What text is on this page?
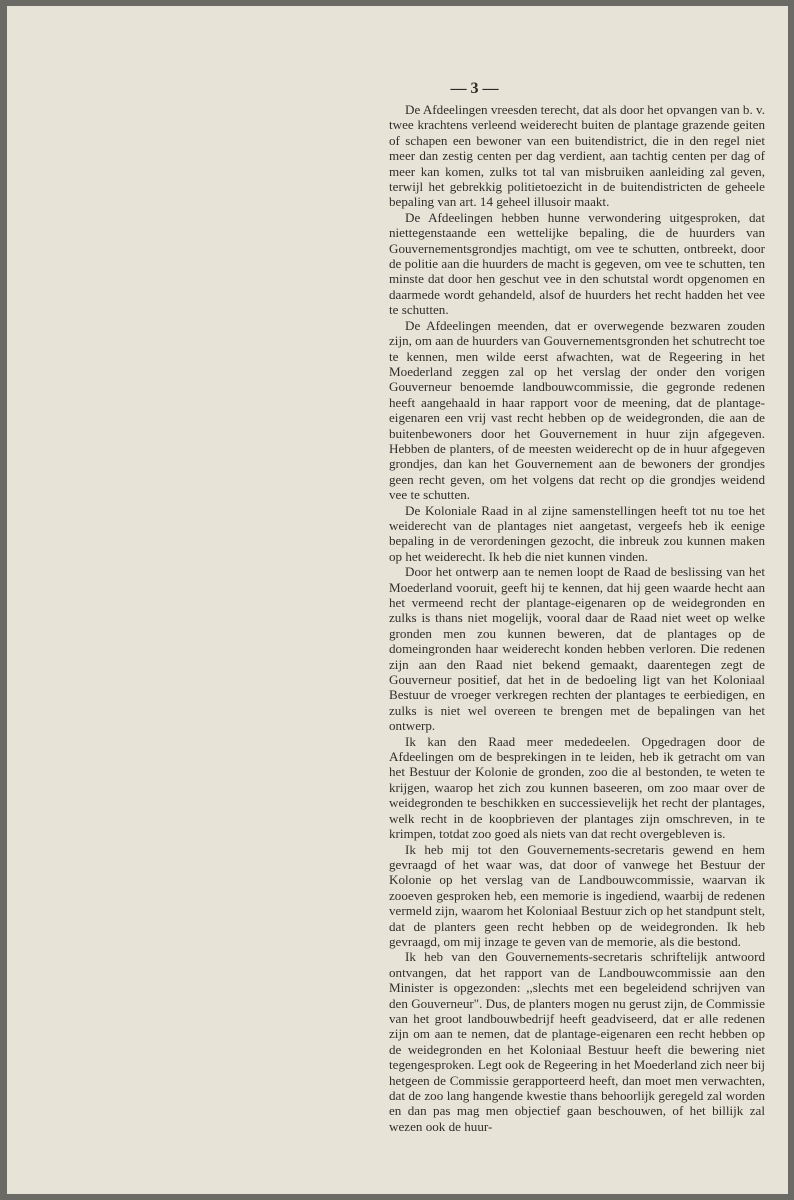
— 3 —

De Afdeelingen vreesden terecht, dat als door het opvangen van b. v. twee krachtens verleend weiderecht buiten de plantage grazende geiten of schapen een bewoner van een buitendistrict, die in den regel niet meer dan zestig centen per dag verdient, aan tachtig centen per dag of meer kan komen, zulks tot tal van misbruiken aanleiding zal geven, terwijl het gebrekkig politietoezicht in de buitendistricten de geheele bepaling van art. 14 geheel illusoir maakt.

De Afdeelingen hebben hunne verwondering uitgesproken, dat niettegenstaande een wettelijke bepaling, die de huurders van Gouvernementsgrondjes machtigt, om vee te schutten, ontbreekt, door de politie aan die huurders de macht is gegeven, om vee te schutten, ten minste dat door hen geschut vee in den schutstal wordt opgenomen en daarmede wordt gehandeld, alsof de huurders het recht hadden het vee te schutten.

De Afdeelingen meenden, dat er overwegende bezwaren zouden zijn, om aan de huurders van Gouvernementsgronden het schutrecht toe te kennen, men wilde eerst afwachten, wat de Regeering in het Moederland zeggen zal op het verslag der onder den vorigen Gouverneur benoemde landbouwcommissie, die gegronde redenen heeft aangehaald in haar rapport voor de meening, dat de plantage-eigenaren een vrij vast recht hebben op de weidegronden, die aan de buitenbewoners door het Gouvernement in huur zijn afgegeven. Hebben de planters, of de meesten weiderecht op de in huur afgegeven grondjes, dan kan het Gouvernement aan de bewoners der grondjes geen recht geven, om het volgens dat recht op die grondjes weidend vee te schutten.

De Koloniale Raad in al zijne samenstellingen heeft tot nu toe het weiderecht van de plantages niet aangetast, vergeefs heb ik eenige bepaling in de verordeningen gezocht, die inbreuk zou kunnen maken op het weiderecht. Ik heb die niet kunnen vinden.

Door het ontwerp aan te nemen loopt de Raad de beslissing van het Moederland vooruit, geeft hij te kennen, dat hij geen waarde hecht aan het vermeend recht der plantage-eigenaren op de weidegronden en zulks is thans niet mogelijk, vooral daar de Raad niet weet op welke gronden men zou kunnen beweren, dat de plantages op de domeingronden haar weiderecht konden hebben verloren. Die redenen zijn aan den Raad niet bekend gemaakt, daarentegen zegt de Gouverneur positief, dat het in de bedoeling ligt van het Koloniaal Bestuur de vroeger verkregen rechten der plantages te eerbiedigen, en zulks is niet wel overeen te brengen met de bepalingen van het ontwerp.

Ik kan den Raad meer mededeelen. Opgedragen door de Afdeelingen om de besprekingen in te leiden, heb ik getracht om van het Bestuur der Kolonie de gronden, zoo die al bestonden, te weten te krijgen, waarop het zich zou kunnen baseeren, om zoo maar over de weidegronden te beschikken en successievelijk het recht der plantages, welk recht in de koopbrieven der plantages zijn omschreven, in te krimpen, totdat zoo goed als niets van dat recht overgebleven is.

Ik heb mij tot den Gouvernements-secretaris gewend en hem gevraagd of het waar was, dat door of vanwege het Bestuur der Kolonie op het verslag van de Landbouwcommissie, waarvan ik zooeven gesproken heb, een memorie is ingediend, waarbij de redenen vermeld zijn, waarom het Koloniaal Bestuur zich op het standpunt stelt, dat de planters geen recht hebben op de weidegronden. Ik heb gevraagd, om mij inzage te geven van de memorie, als die bestond.

Ik heb van den Gouvernements-secretaris schriftelijk antwoord ontvangen, dat het rapport van de Landbouwcommissie aan den Minister is opgezonden: ,,slechts met een begeleidend schrijven van den Gouverneur". Dus, de planters mogen nu gerust zijn, de Commissie van het groot landbouwbedrijf heeft geadviseerd, dat er alle redenen zijn om aan te nemen, dat de plantage-eigenaren een recht hebben op de weidegronden en het Koloniaal Bestuur heeft die bewering niet tegengesproken. Legt ook de Regeering in het Moederland zich neer bij hetgeen de Commissie gerapporteerd heeft, dan moet men verwachten, dat de zoo lang hangende kwestie thans behoorlijk geregeld zal worden en dan pas mag men objectief gaan beschouwen, of het billijk zal wezen ook de huur-
